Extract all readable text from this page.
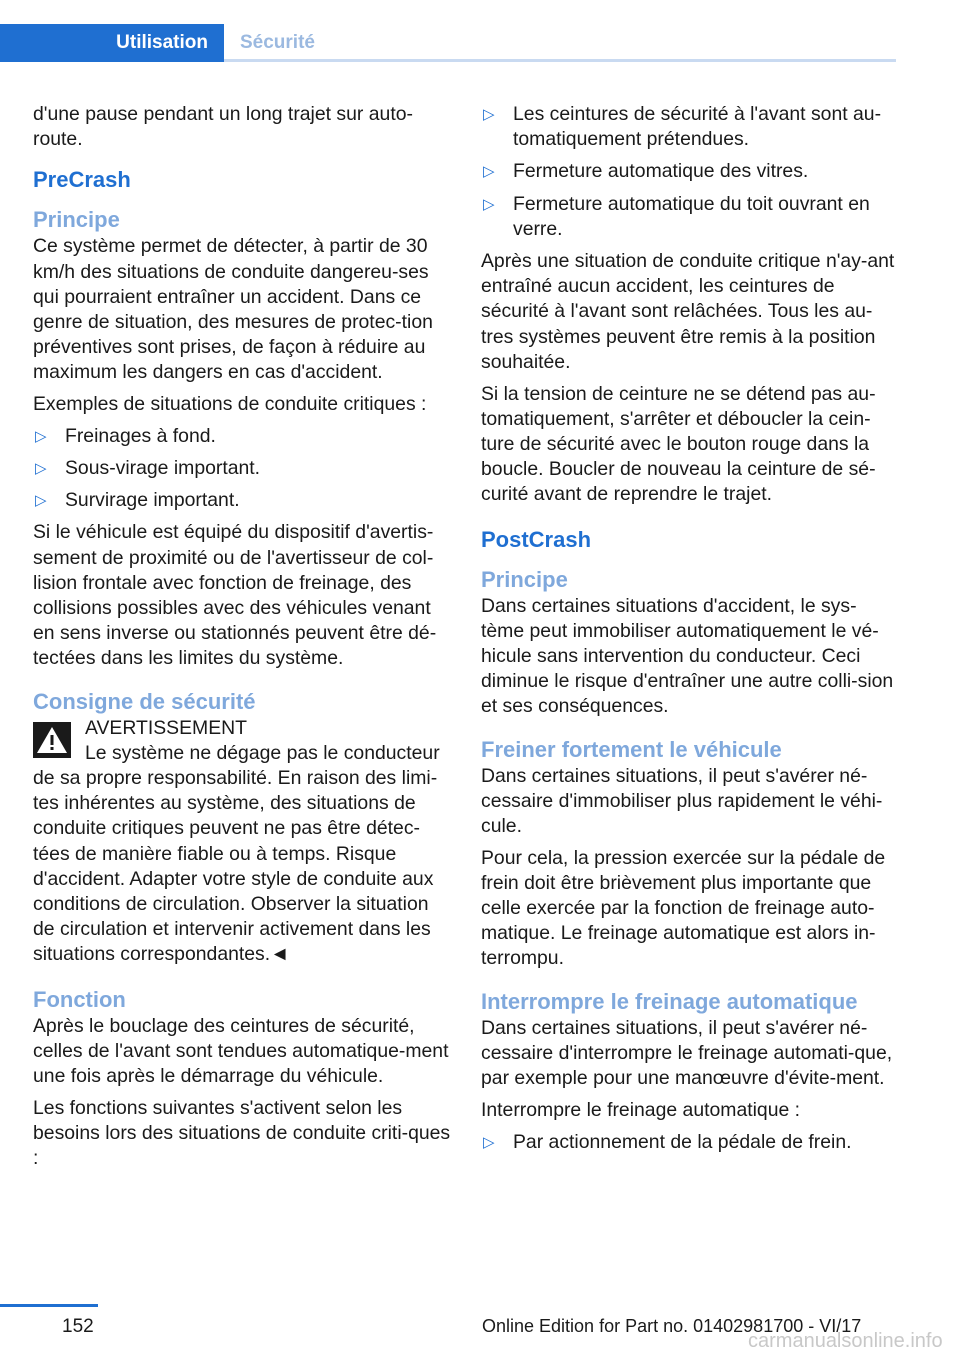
Utilisation	Sécurité

d'une pause pendant un long trajet sur auto-route.

PreCrash
Principe

Ce système permet de détecter, à partir de 30 km/h des situations de conduite dangereu-ses qui pourraient entraîner un accident. Dans ce genre de situation, des mesures de protec-tion préventives sont prises, de façon à réduire au maximum les dangers en cas d'accident.

Exemples de situations de conduite critiques :

▷ Freinages à fond.
▷ Sous-virage important.
▷ Survirage important.

Si le véhicule est équipé du dispositif d'avertis-sement de proximité ou de l'avertisseur de col-lision frontale avec fonction de freinage, des collisions possibles avec des véhicules venant en sens inverse ou stationnés peuvent être dé-tectées dans les limites du système.

Consigne de sécurité
AVERTISSEMENT

Le système ne dégage pas le conducteur de sa propre responsabilité. En raison des limi-tes inhérentes au système, des situations de conduite critiques peuvent ne pas être détec-tées de manière fiable ou à temps. Risque d'accident. Adapter votre style de conduite aux conditions de circulation. Observer la situation de circulation et intervenir activement dans les situations correspondantes.◄

Fonction

Après le bouclage des ceintures de sécurité, celles de l'avant sont tendues automatique-ment une fois après le démarrage du véhicule.

Les fonctions suivantes s'activent selon les besoins lors des situations de conduite criti-ques :

▷ Les ceintures de sécurité à l'avant sont au-tomatiquement prétendues.
▷ Fermeture automatique des vitres.
▷ Fermeture automatique du toit ouvrant en verre.

Après une situation de conduite critique n'ay-ant entraîné aucun accident, les ceintures de sécurité à l'avant sont relâchées. Tous les au-tres systèmes peuvent être remis à la position souhaitée.

Si la tension de ceinture ne se détend pas au-tomatiquement, s'arrêter et déboucler la cein-ture de sécurité avec le bouton rouge dans la boucle. Boucler de nouveau la ceinture de sé-curité avant de reprendre le trajet.

PostCrash
Principe

Dans certaines situations d'accident, le sys-tème peut immobiliser automatiquement le vé-hicule sans intervention du conducteur. Ceci diminue le risque d'entraîner une autre colli-sion et ses conséquences.

Freiner fortement le véhicule

Dans certaines situations, il peut s'avérer né-cessaire d'immobiliser plus rapidement le véhi-cule.

Pour cela, la pression exercée sur la pédale de frein doit être brièvement plus importante que celle exercée par la fonction de freinage auto-matique. Le freinage automatique est alors in-terrompu.

Interrompre le freinage automatique

Dans certaines situations, il peut s'avérer né-cessaire d'interrompre le freinage automati-que, par exemple pour une manœuvre d'évite-ment.

Interrompre le freinage automatique :

▷ Par actionnement de la pédale de frein.
152	Online Edition for Part no. 01402981700 - VI/17
carmanualsonline.info
